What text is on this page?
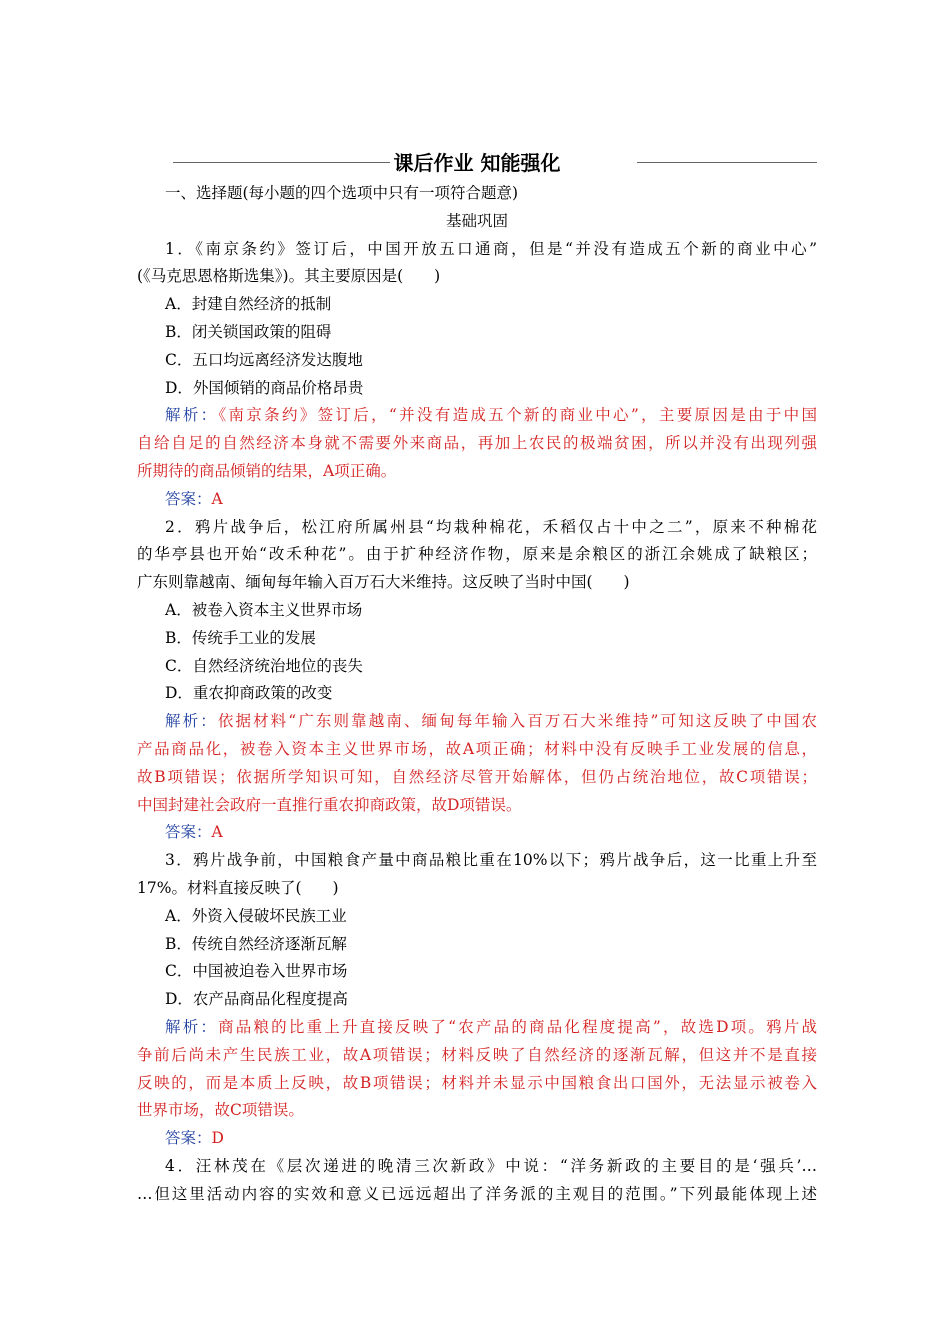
课后作业 知能强化
一、选择题(每小题的四个选项中只有一项符合题意)
基础巩固
1．《南京条约》签订后，中国开放五口通商，但是“并没有造成五个新的商业中心”
(《马克思恩格斯选集》)。其主要原因是(　　)
A．封建自然经济的抵制
B．闭关锁国政策的阻碍
C．五口均远离经济发达腹地
D．外国倾销的商品价格昂贵
解析：《南京条约》签订后，“并没有造成五个新的商业中心”，主要原因是由于中国
自给自足的自然经济本身就不需要外来商品，再加上农民的极端贫困，所以并没有出现列强
所期待的商品倾销的结果，A项正确。
答案：A
2．鸦片战争后，松江府所属州县“均栽种棉花，禾稻仅占十中之二”，原来不种棉花
的华亭县也开始“改禾种花”。由于扩种经济作物，原来是余粮区的浙江余姚成了缺粮区；
广东则靠越南、缅甸每年输入百万石大米维持。这反映了当时中国(　　)
A．被卷入资本主义世界市场
B．传统手工业的发展
C．自然经济统治地位的丧失
D．重农抑商政策的改变
解析：依据材料“广东则靠越南、缅甸每年输入百万石大米维持”可知这反映了中国农
产品商品化，被卷入资本主义世界市场，故A项正确；材料中没有反映手工业发展的信息，
故B项错误；依据所学知识可知，自然经济尽管开始解体，但仍占统治地位，故C项错误；
中国封建社会政府一直推行重农抑商政策，故D项错误。
答案：A
3．鸦片战争前，中国粮食产量中商品粮比重在10%以下；鸦片战争后，这一比重上升至
17%。材料直接反映了(　　)
A．外资入侵破坏民族工业
B．传统自然经济逐渐瓦解
C．中国被迫卷入世界市场
D．农产品商品化程度提高
解析：商品粮的比重上升直接反映了“农产品的商品化程度提高”，故选D项。鸦片战
争前后尚未产生民族工业，故A项错误；材料反映了自然经济的逐渐瓦解，但这并不是直接
反映的，而是本质上反映，故B项错误；材料并未显示中国粮食出口国外，无法显示被卷入
世界市场，故C项错误。
答案：D
4．汪林茂在《层次递进的晚清三次新政》中说：“洋务新政的主要目的是‘强兵’…
…但这里活动内容的实效和意义已远远超出了洋务派的主观目的范围。”下列最能体现上述
